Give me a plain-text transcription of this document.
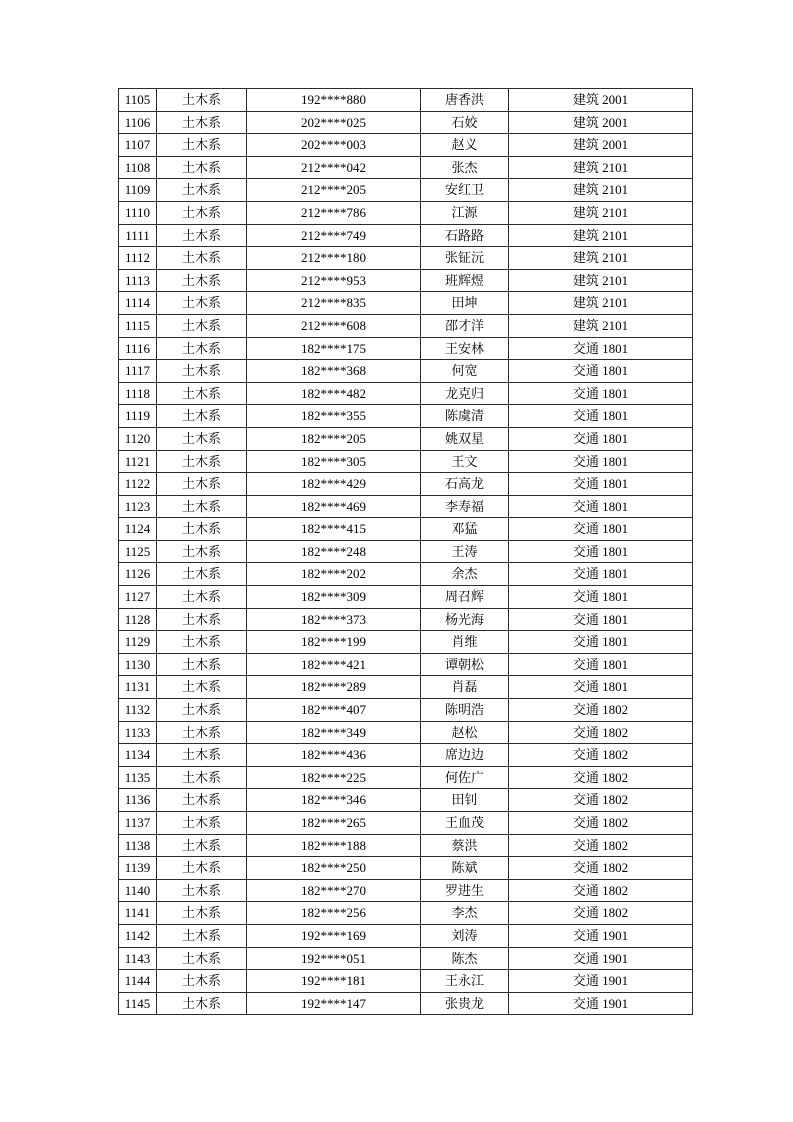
1105	土木系	192****880	唐香洪	建筑 2001
1106	土木系	202****025	石姣	建筑 2001
1107	土木系	202****003	赵义	建筑 2001
1108	土木系	212****042	张杰	建筑 2101
1109	土木系	212****205	安红卫	建筑 2101
1110	土木系	212****786	江源	建筑 2101
1111	土木系	212****749	石路路	建筑 2101
1112	土木系	212****180	张钲沅	建筑 2101
1113	土木系	212****953	班辉煜	建筑 2101
1114	土木系	212****835	田坤	建筑 2101
1115	土木系	212****608	邵才洋	建筑 2101
1116	土木系	182****175	王安林	交通 1801
1117	土木系	182****368	何宽	交通 1801
1118	土木系	182****482	龙克归	交通 1801
1119	土木系	182****355	陈虞清	交通 1801
1120	土木系	182****205	姚双星	交通 1801
1121	土木系	182****305	王文	交通 1801
1122	土木系	182****429	石高龙	交通 1801
1123	土木系	182****469	李寿福	交通 1801
1124	土木系	182****415	邓猛	交通 1801
1125	土木系	182****248	王涛	交通 1801
1126	土木系	182****202	余杰	交通 1801
1127	土木系	182****309	周召辉	交通 1801
1128	土木系	182****373	杨光海	交通 1801
1129	土木系	182****199	肖维	交通 1801
1130	土木系	182****421	谭朝松	交通 1801
1131	土木系	182****289	肖磊	交通 1801
1132	土木系	182****407	陈明浩	交通 1802
1133	土木系	182****349	赵松	交通 1802
1134	土木系	182****436	席边边	交通 1802
1135	土木系	182****225	何佐广	交通 1802
1136	土木系	182****346	田钊	交通 1802
1137	土木系	182****265	王血茂	交通 1802
1138	土木系	182****188	蔡洪	交通 1802
1139	土木系	182****250	陈斌	交通 1802
1140	土木系	182****270	罗进生	交通 1802
1141	土木系	182****256	李杰	交通 1802
1142	土木系	192****169	刘涛	交通 1901
1143	土木系	192****051	陈杰	交通 1901
1144	土木系	192****181	王永江	交通 1901
1145	土木系	192****147	张贵龙	交通 1901
